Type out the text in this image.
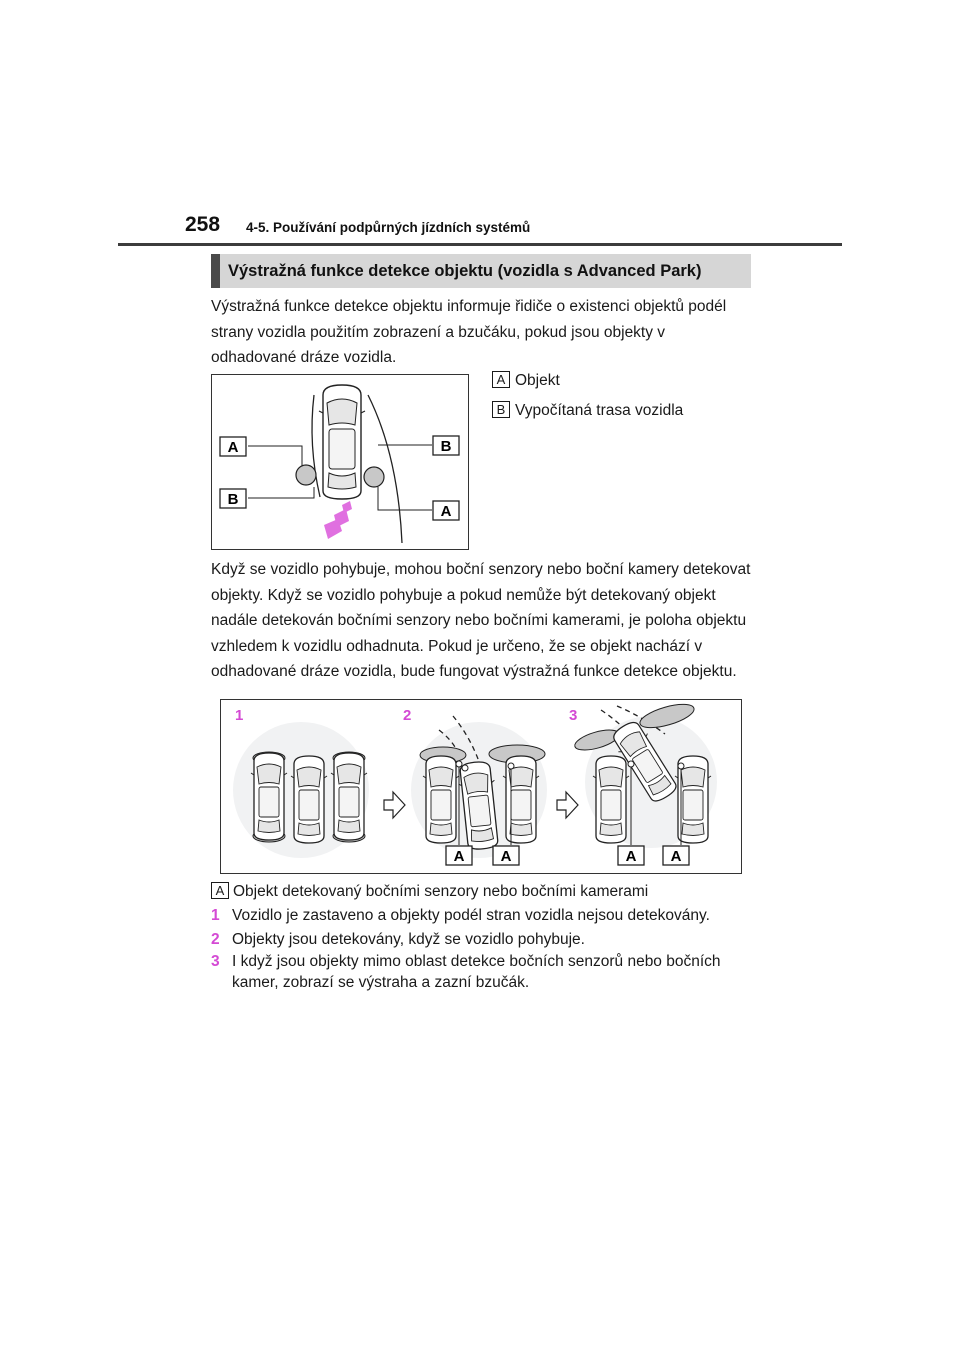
258 4-5. Používání podpůrných jízdních systémů
Výstražná funkce detekce objektu (vozidla s Advanced Park)

Výstražná funkce detekce objektu informuje řidiče o existenci objektů podél strany vozidla použitím zobrazení a bzučáku, pokud jsou objekty v odhadované dráze vozidla.

A	B
B
A
A Objekt
B Vypočítaná trasa vozidla

Když se vozidlo pohybuje, mohou boční senzory nebo boční kamery detekovat objekty. Když se vozidlo pohybuje a pokud nemůže být detekovaný objekt nadále detekován bočními senzory nebo bočními kamerami, je poloha objektu vzhledem k vozidlu odhadnuta. Pokud je určeno, že se objekt nachází v odhadované dráze vozidla, bude fungovat výstražná funkce detekce objektu.

1	2	3
A A	A A
A Objekt detekovaný bočními senzory nebo bočními kamerami
1 Vozidlo je zastaveno a objekty podél stran vozidla nejsou detekovány.
2 Objekty jsou detekovány, když se vozidlo pohybuje.
3 I když jsou objekty mimo oblast detekce bočních senzorů nebo bočních kamer, zobrazí se výstraha a zazní bzučák.
